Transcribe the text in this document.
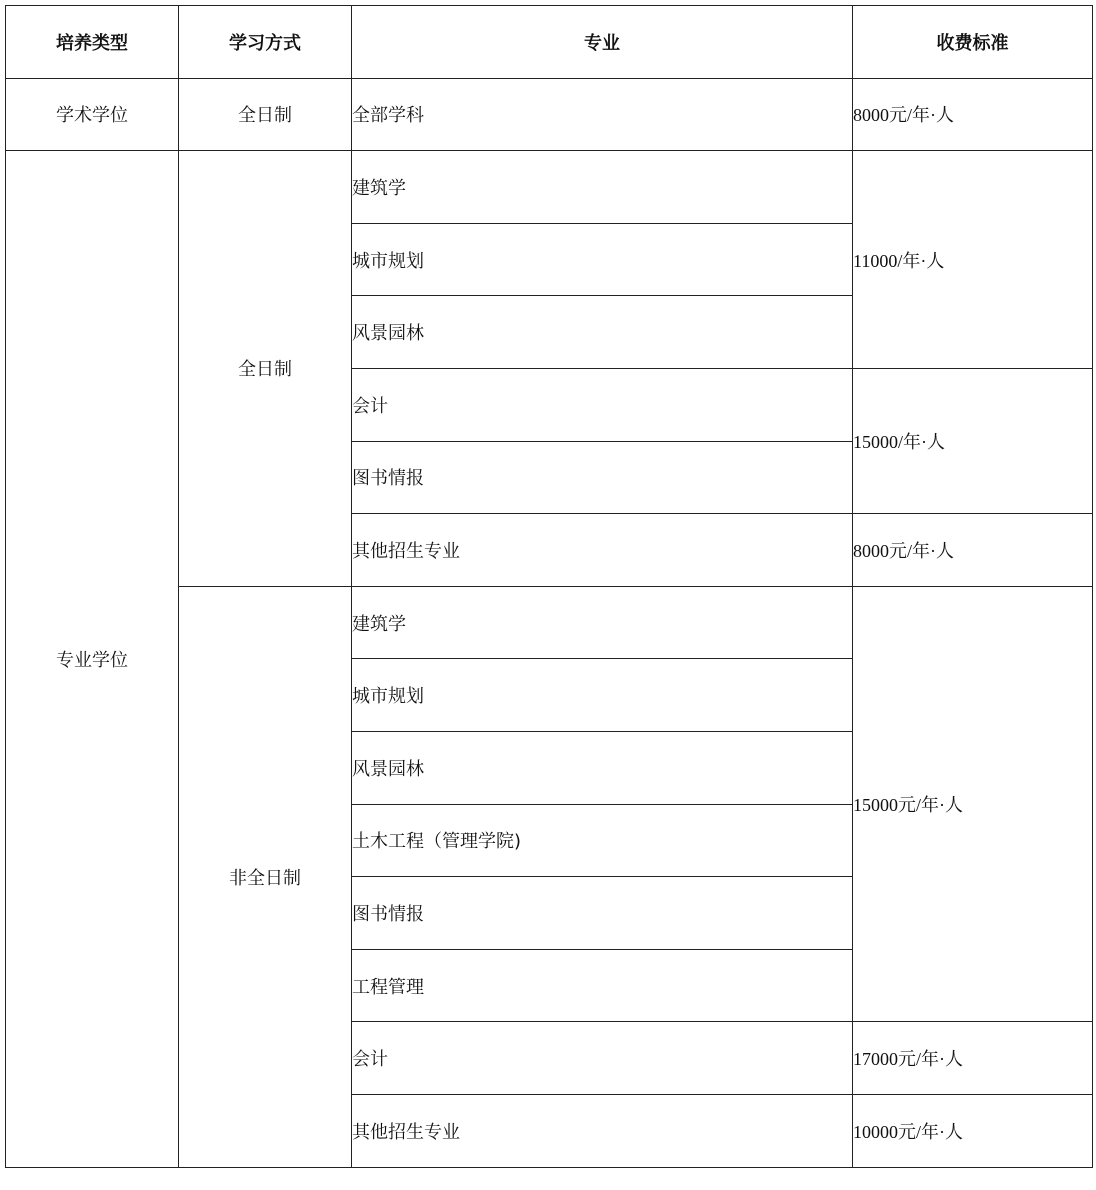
培养类型	学习方式	专业	收费标准
学术学位	全日制	全部学科	8000元/年·人
专业学位	全日制	建筑学	11000/年·人
		城市规划	
		风景园林	
		会计	15000/年·人
		图书情报	
		其他招生专业	8000元/年·人
	非全日制	建筑学	15000元/年·人
		城市规划	
		风景园林	
		土木工程（管理学院)	
		图书情报	
		工程管理	
		会计	17000元/年·人
		其他招生专业	10000元/年·人
